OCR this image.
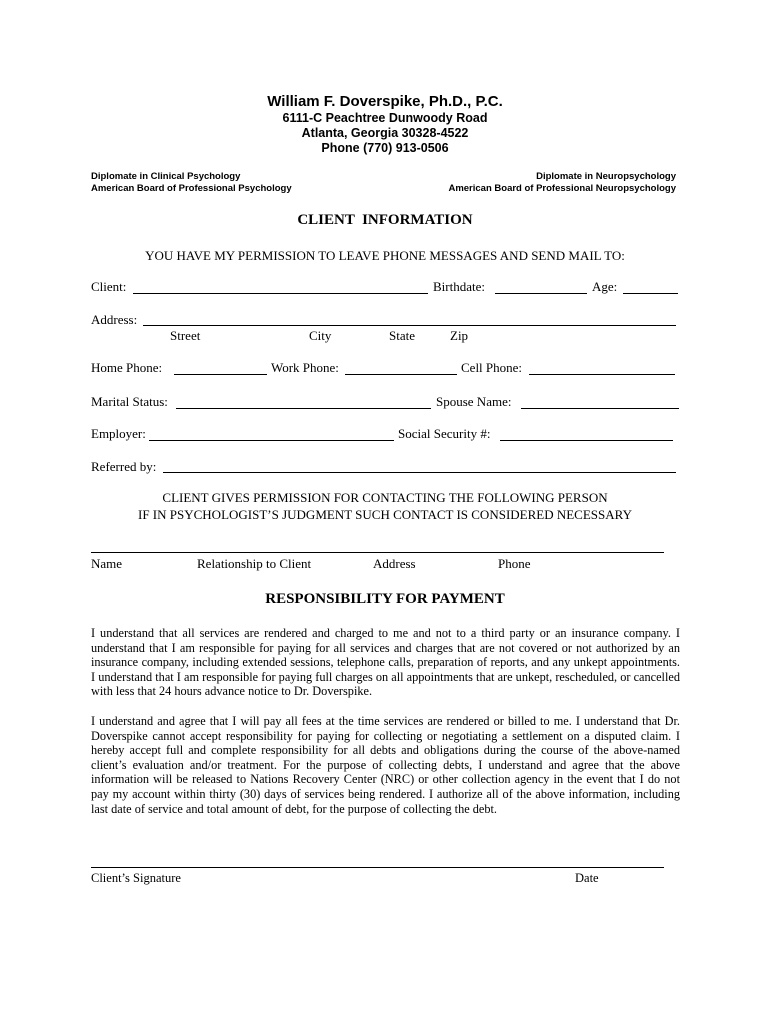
William F. Doverspike, Ph.D., P.C.
6111-C Peachtree Dunwoody Road
Atlanta, Georgia 30328-4522
Phone (770) 913-0506
Diplomate in Clinical Psychology
American Board of Professional Psychology
Diplomate in Neuropsychology
American Board of Professional Neuropsychology
CLIENT  INFORMATION
YOU HAVE MY PERMISSION TO LEAVE PHONE MESSAGES AND SEND MAIL TO:
Client:	Birthdate:	Age:
Address:
Street	City	State	Zip
Home Phone:	Work Phone:	Cell Phone:
Marital Status:	Spouse Name:
Employer:	Social Security #:
Referred by:
CLIENT GIVES PERMISSION FOR CONTACTING THE FOLLOWING PERSON
IF IN PSYCHOLOGIST’S JUDGMENT SUCH CONTACT IS CONSIDERED NECESSARY
Name	Relationship to Client	Address	Phone
RESPONSIBILITY FOR PAYMENT

I understand that all services are rendered and charged to me and not to a third party or an insurance company. I understand that I am responsible for paying for all services and charges that are not covered or not authorized by an insurance company, including extended sessions, telephone calls, preparation of reports, and any unkept appointments. I understand that I am responsible for paying full charges on all appointments that are unkept, rescheduled, or cancelled with less that 24 hours advance notice to Dr. Doverspike.

I understand and agree that I will pay all fees at the time services are rendered or billed to me. I understand that Dr. Doverspike cannot accept responsibility for paying for collecting or negotiating a settlement on a disputed claim. I hereby accept full and complete responsibility for all debts and obligations during the course of the above-named client’s evaluation and/or treatment. For the purpose of collecting debts, I understand and agree that the above information will be released to Nations Recovery Center (NRC) or other collection agency in the event that I do not pay my account within thirty (30) days of services being rendered. I authorize all of the above information, including last date of service and total amount of debt, for the purpose of collecting the debt.

Client’s Signature	Date
